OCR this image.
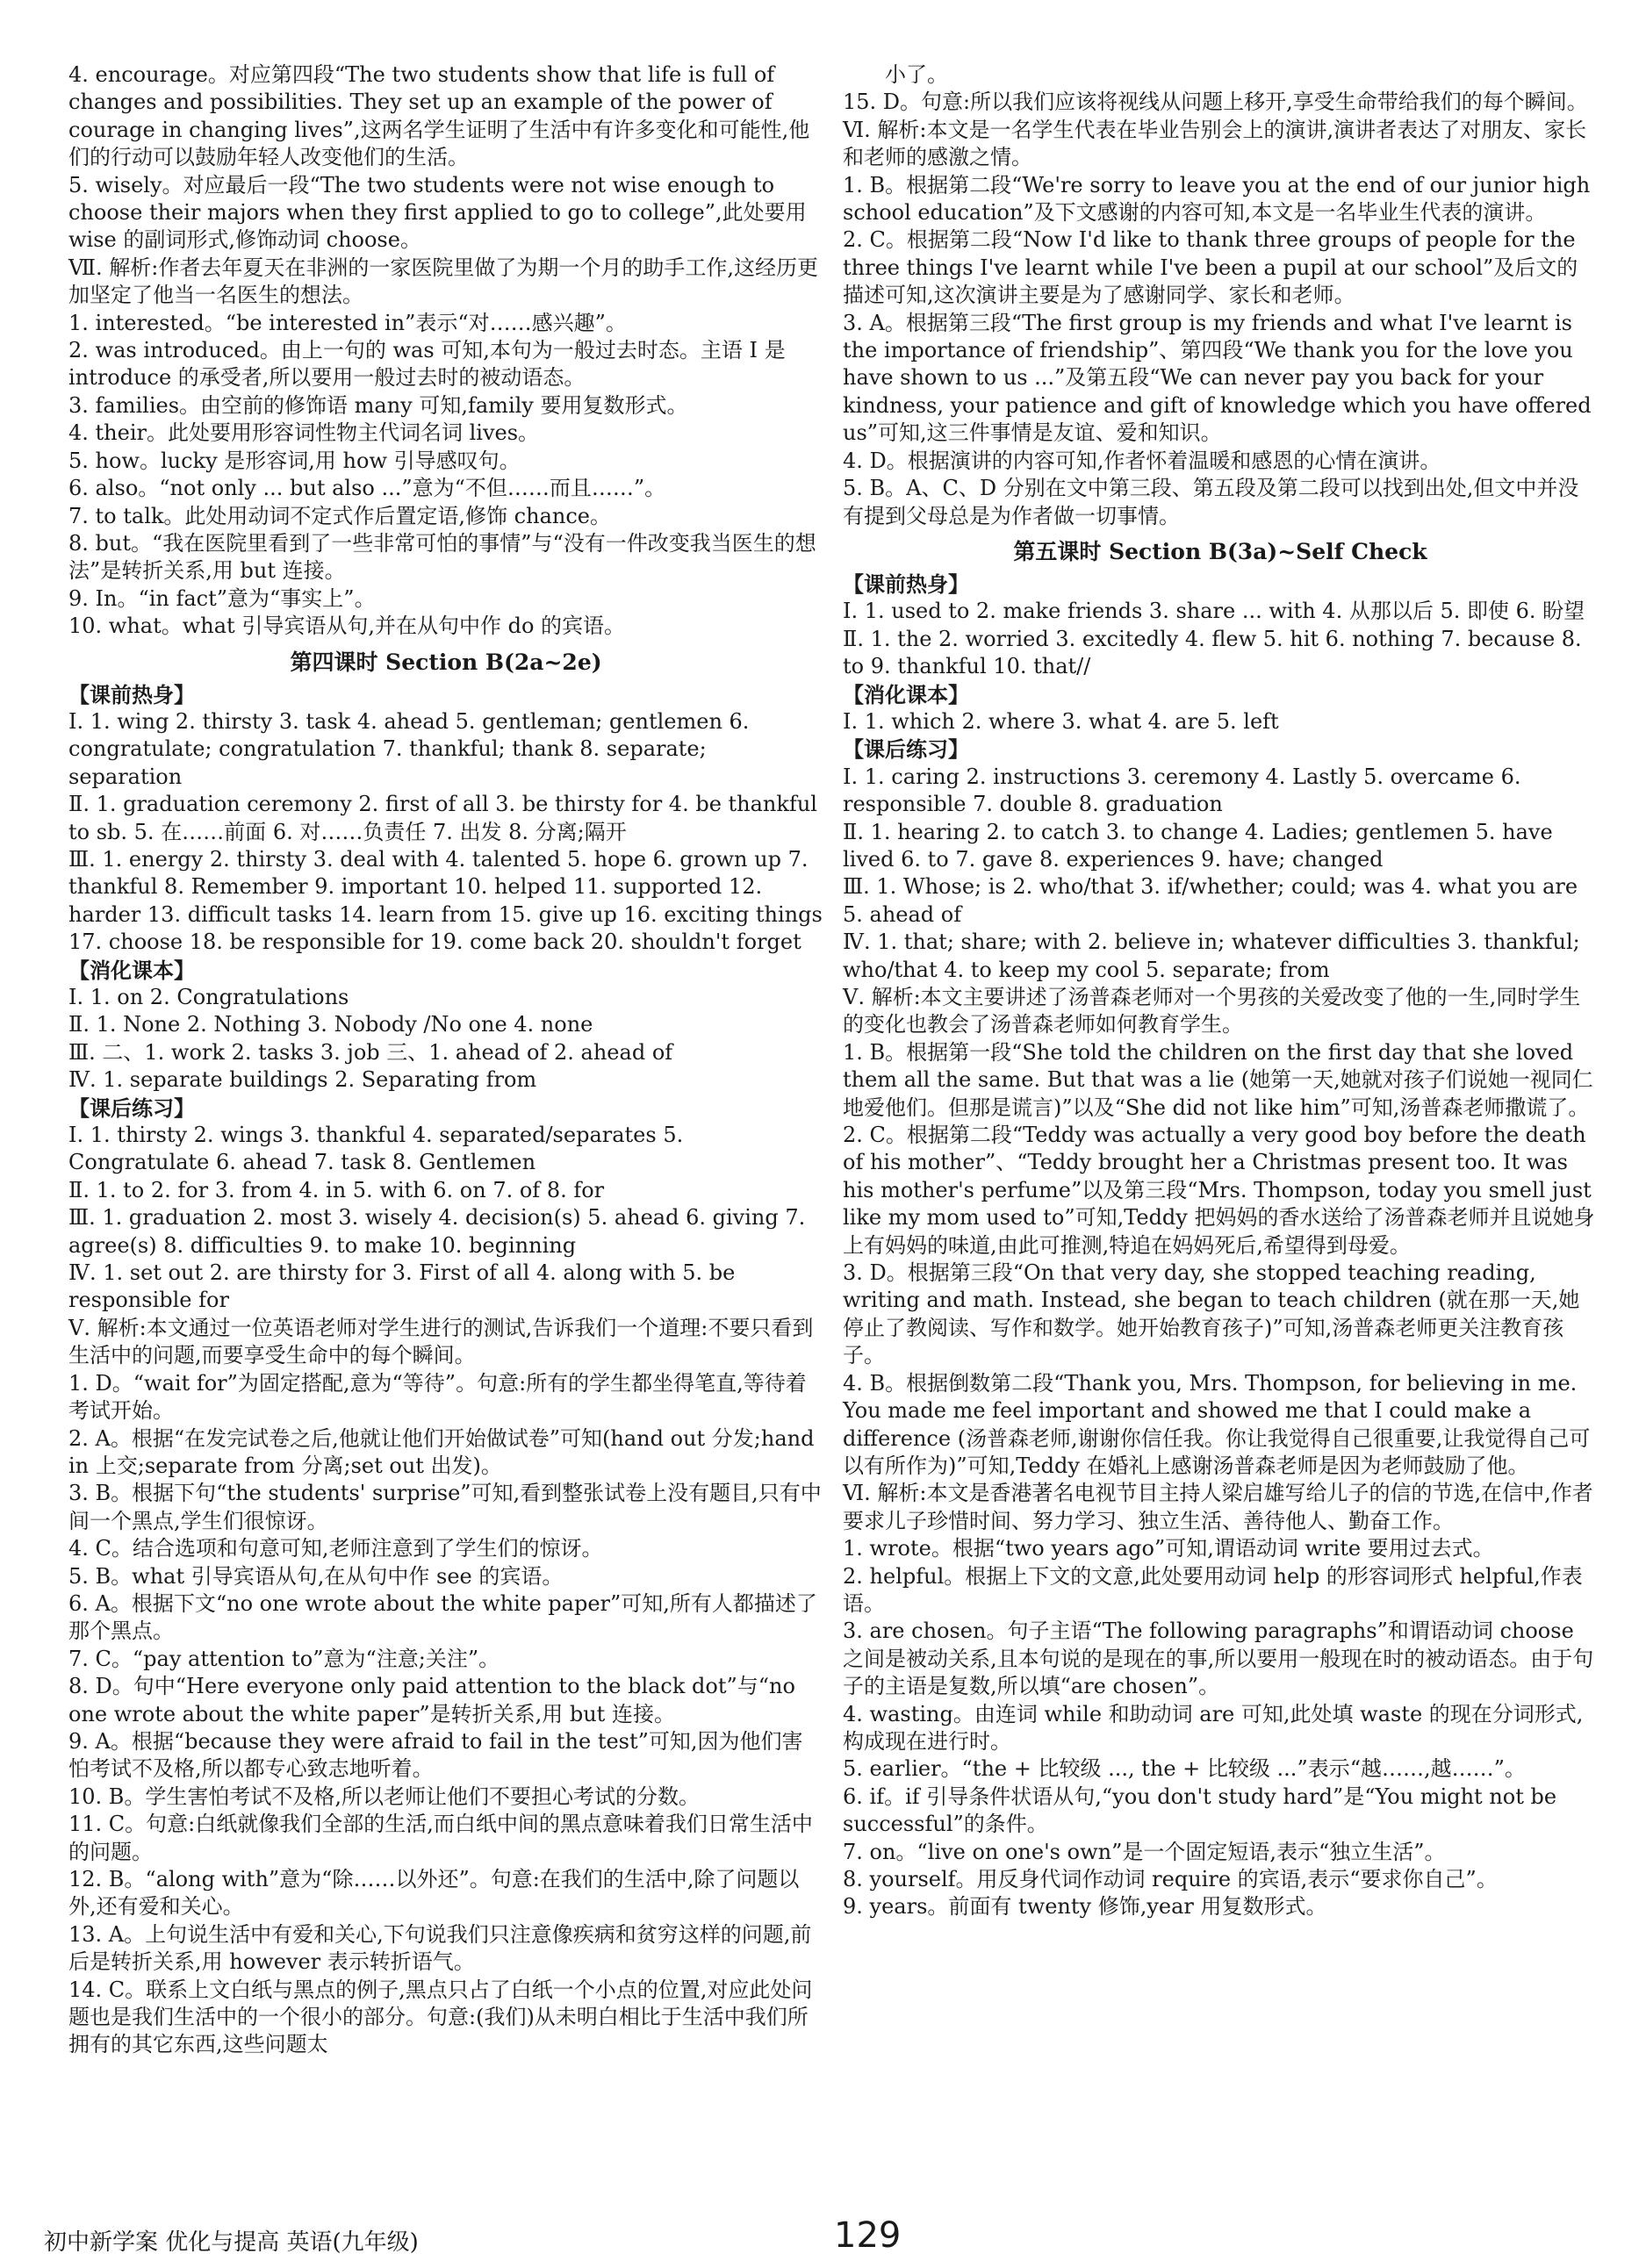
4. encourage。对应第四段“The two students show that life is full of changes and possibilities. They set up an example of the power of courage in changing lives”,这两名学生证明了生活中有许多变化和可能性,他们的行动可以鼓励年轻人改变他们的生活。
5. wisely。对应最后一段“The two students were not wise enough to choose their majors when they first applied to go to college”,此处要用 wise 的副词形式,修饰动词 choose。
Ⅶ. 解析:作者去年夏天在非洲的一家医院里做了为期一个月的助手工作,这经历更加坚定了他当一名医生的想法。
1. interested。“be interested in”表示“对……感兴趣”。
2. was introduced。由上一句的 was 可知,本句为一般过去时态。主语 I 是 introduce 的承受者,所以要用一般过去时的被动语态。
3. families。由空前的修饰语 many 可知,family 要用复数形式。
4. their。此处要用形容词性物主代词名词 lives。
5. how。lucky 是形容词,用 how 引导感叹句。
6. also。“not only ... but also ...”意为“不但……而且……”。
7. to talk。此处用动词不定式作后置定语,修饰 chance。
8. but。“我在医院里看到了一些非常可怕的事情”与“没有一件改变我当医生的想法”是转折关系,用 but 连接。
9. In。“in fact”意为“事实上”。
10. what。what 引导宾语从句,并在从句中作 do 的宾语。
第四课时 Section B(2a~2e)
【课前热身】
Ⅰ. 1. wing 2. thirsty 3. task 4. ahead 5. gentleman; gentlemen 6. congratulate; congratulation 7. thankful; thank 8. separate; separation
Ⅱ. 1. graduation ceremony 2. first of all 3. be thirsty for 4. be thankful to sb. 5. 在……前面 6. 对……负责任 7. 出发 8. 分离;隔开
Ⅲ. 1. energy 2. thirsty 3. deal with 4. talented 5. hope 6. grown up 7. thankful 8. Remember 9. important 10. helped 11. supported 12. harder 13. difficult tasks 14. learn from 15. give up 16. exciting things 17. choose 18. be responsible for 19. come back 20. shouldn't forget
【消化课本】
Ⅰ. 1. on 2. Congratulations
Ⅱ. 1. None 2. Nothing 3. Nobody /No one 4. none
Ⅲ. 二、1. work 2. tasks 3. job 三、1. ahead of 2. ahead of
Ⅳ. 1. separate buildings 2. Separating from
【课后练习】
Ⅰ. 1. thirsty 2. wings 3. thankful 4. separated/separates 5. Congratulate 6. ahead 7. task 8. Gentlemen
Ⅱ. 1. to 2. for 3. from 4. in 5. with 6. on 7. of 8. for
Ⅲ. 1. graduation 2. most 3. wisely 4. decision(s) 5. ahead 6. giving 7. agree(s) 8. difficulties 9. to make 10. beginning
Ⅳ. 1. set out 2. are thirsty for 3. First of all 4. along with 5. be responsible for
Ⅴ. 解析:本文通过一位英语老师对学生进行的测试,告诉我们一个道理:不要只看到生活中的问题,而要享受生命中的每个瞬间。
1. D。“wait for”为固定搭配,意为“等待”。句意:所有的学生都坐得笔直,等待着考试开始。
2. A。根据“在发完试卷之后,他就让他们开始做试卷”可知(hand out 分发;hand in 上交;separate from 分离;set out 出发)。
3. B。根据下句“the students' surprise”可知,看到整张试卷上没有题目,只有中间一个黑点,学生们很惊讶。
4. C。结合选项和句意可知,老师注意到了学生们的惊讶。
5. B。what 引导宾语从句,在从句中作 see 的宾语。
6. A。根据下文“no one wrote about the white paper”可知,所有人都描述了那个黑点。
7. C。“pay attention to”意为“注意;关注”。
8. D。句中“Here everyone only paid attention to the black dot”与“no one wrote about the white paper”是转折关系,用 but 连接。
9. A。根据“because they were afraid to fail in the test”可知,因为他们害怕考试不及格,所以都专心致志地听着。
10. B。学生害怕考试不及格,所以老师让他们不要担心考试的分数。
11. C。句意:白纸就像我们全部的生活,而白纸中间的黑点意味着我们日常生活中的问题。
12. B。“along with”意为“除……以外还”。句意:在我们的生活中,除了问题以外,还有爱和关心。
13. A。上句说生活中有爱和关心,下句说我们只注意像疾病和贫穷这样的问题,前后是转折关系,用 however 表示转折语气。
14. C。联系上文白纸与黑点的例子,黑点只占了白纸一个小点的位置,对应此处问题也是我们生活中的一个很小的部分。句意:(我们)从未明白相比于生活中我们所拥有的其它东西,这些问题太
小了。
15. D。句意:所以我们应该将视线从问题上移开,享受生命带给我们的每个瞬间。
Ⅵ. 解析:本文是一名学生代表在毕业告别会上的演讲,演讲者表达了对朋友、家长和老师的感激之情。
1. B。根据第二段“We're sorry to leave you at the end of our junior high school education”及下文感谢的内容可知,本文是一名毕业生代表的演讲。
2. C。根据第二段“Now I'd like to thank three groups of people for the three things I've learnt while I've been a pupil at our school”及后文的描述可知,这次演讲主要是为了感谢同学、家长和老师。
3. A。根据第三段“The first group is my friends and what I've learnt is the importance of friendship”、第四段“We thank you for the love you have shown to us ...”及第五段“We can never pay you back for your kindness, your patience and gift of knowledge which you have offered us”可知,这三件事情是友谊、爱和知识。
4. D。根据演讲的内容可知,作者怀着温暖和感恩的心情在演讲。
5. B。A、C、D 分别在文中第三段、第五段及第二段可以找到出处,但文中并没有提到父母总是为作者做一切事情。
第五课时 Section B(3a)~Self Check
【课前热身】
Ⅰ. 1. used to 2. make friends 3. share ... with 4. 从那以后 5. 即使 6. 盼望
Ⅱ. 1. the 2. worried 3. excitedly 4. flew 5. hit 6. nothing 7. because 8. to 9. thankful 10. that//
【消化课本】
Ⅰ. 1. which 2. where 3. what 4. are 5. left
【课后练习】
Ⅰ. 1. caring 2. instructions 3. ceremony 4. Lastly 5. overcame 6. responsible 7. double 8. graduation
Ⅱ. 1. hearing 2. to catch 3. to change 4. Ladies; gentlemen 5. have lived 6. to 7. gave 8. experiences 9. have; changed
Ⅲ. 1. Whose; is 2. who/that 3. if/whether; could; was 4. what you are 5. ahead of
Ⅳ. 1. that; share; with 2. believe in; whatever difficulties 3. thankful; who/that 4. to keep my cool 5. separate; from
Ⅴ. 解析:本文主要讲述了汤普森老师对一个男孩的关爱改变了他的一生,同时学生的变化也教会了汤普森老师如何教育学生。
1. B。根据第一段“She told the children on the first day that she loved them all the same. But that was a lie (她第一天,她就对孩子们说她一视同仁地爱他们。但那是谎言)”以及“She did not like him”可知,汤普森老师撒谎了。
2. C。根据第二段“Teddy was actually a very good boy before the death of his mother”、“Teddy brought her a Christmas present too. It was his mother's perfume”以及第三段“Mrs. Thompson, today you smell just like my mom used to”可知,Teddy 把妈妈的香水送给了汤普森老师并且说她身上有妈妈的味道,由此可推测,特追在妈妈死后,希望得到母爱。
3. D。根据第三段“On that very day, she stopped teaching reading, writing and math. Instead, she began to teach children (就在那一天,她停止了教阅读、写作和数学。她开始教育孩子)”可知,汤普森老师更关注教育孩子。
4. B。根据倒数第二段“Thank you, Mrs. Thompson, for believing in me. You made me feel important and showed me that I could make a difference (汤普森老师,谢谢你信任我。你让我觉得自己很重要,让我觉得自己可以有所作为)”可知,Teddy 在婚礼上感谢汤普森老师是因为老师鼓励了他。
Ⅵ. 解析:本文是香港著名电视节目主持人梁启雄写给儿子的信的节选,在信中,作者要求儿子珍惜时间、努力学习、独立生活、善待他人、勤奋工作。
1. wrote。根据“two years ago”可知,谓语动词 write 要用过去式。
2. helpful。根据上下文的文意,此处要用动词 help 的形容词形式 helpful,作表语。
3. are chosen。句子主语“The following paragraphs”和谓语动词 choose 之间是被动关系,且本句说的是现在的事,所以要用一般现在时的被动语态。由于句子的主语是复数,所以填“are chosen”。
4. wasting。由连词 while 和助动词 are 可知,此处填 waste 的现在分词形式,构成现在进行时。
5. earlier。“the + 比较级 ..., the + 比较级 ...”表示“越……,越……”。
6. if。if 引导条件状语从句,“you don't study hard”是“You might not be successful”的条件。
7. on。“live on one's own”是一个固定短语,表示“独立生活”。
8. yourself。用反身代词作动词 require 的宾语,表示“要求你自己”。
9. years。前面有 twenty 修饰,year 用复数形式。
初中新学案 优化与提高 英语(九年级)	129
